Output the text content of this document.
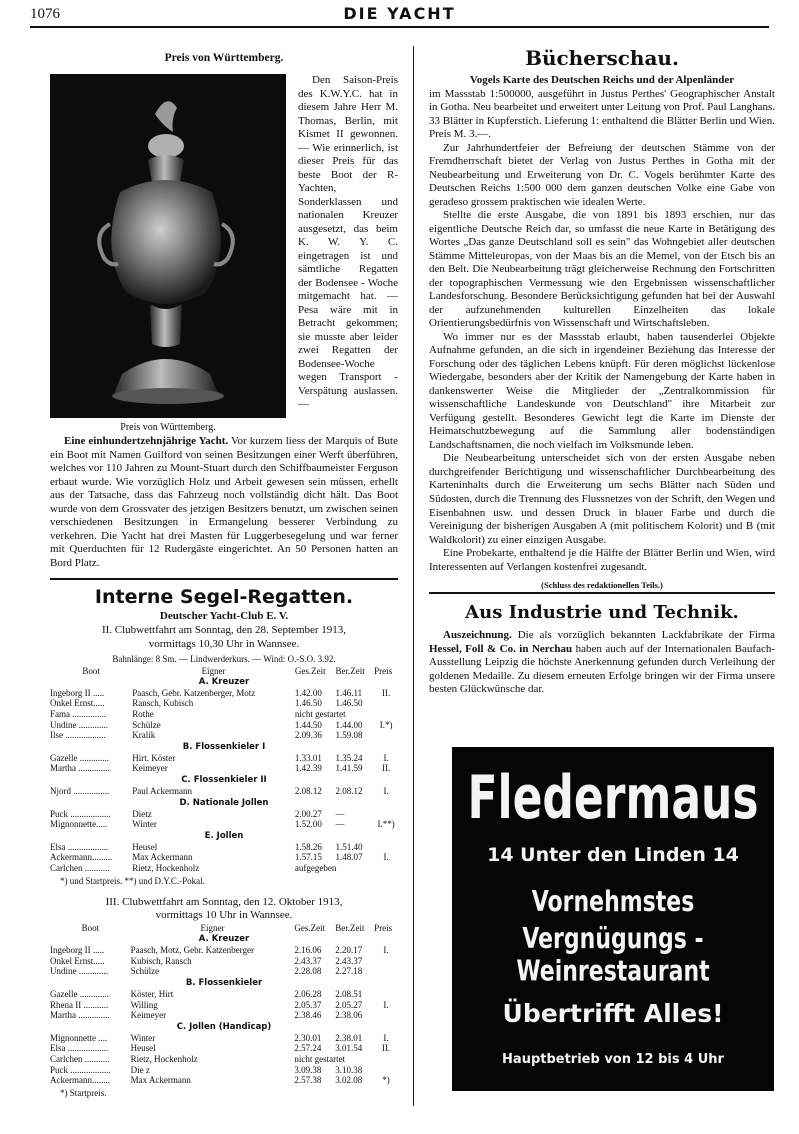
1076	DIE YACHT
Preis von Württemberg.

Den Saison-Preis des K.W.Y.C. hat in diesem Jahre Herr M. Thomas, Berlin, mit Kismet II gewonnen. — Wie erinnerlich, ist dieser Preis für das beste Boot der R-Yachten, Sonderklassen und nationalen Kreuzer ausgesetzt, das beim K. W. Y. C. eingetragen ist und sämtliche Regatten der Bodensee - Woche mitgemacht hat. — Pesa wäre mit in Betracht gekommen; sie musste aber leider zwei Regatten der Bodensee-Woche wegen Transport - Verspätung auslassen. —

Preis von Württemberg.

Eine einhundertzehnjährige Yacht. Vor kurzem liess der Marquis of Bute ein Boot mit Namen Guilford von seinen Besitzungen einer Werft überführen, welches vor 110 Jahren zu Mount-Stuart durch den Schiffbaumeister Ferguson erbaut wurde. Wie vorzüglich Holz und Arbeit gewesen sein müssen, erhellt aus der Tatsache, dass das Fahrzeug noch vollständig dicht hält. Das Boot wurde von dem Grossvater des jetzigen Besitzers benutzt, um zwischen seinen verschiedenen Besitzungen in Ermangelung besserer Verbindung zu verkehren. Die Yacht hat drei Masten für Luggerbesegelung und war ferner mit Querduchten für 12 Rudergäste eingerichtet. An 50 Personen hatten an Bord Platz.

Interne Segel-Regatten.
Deutscher Yacht-Club E. V.
II. Clubwettfahrt am Sonntag, den 28. September 1913,
vormittags 10,30 Uhr in Wannsee.
Bahnlänge: 8 Sm. — Lindwerderkurs. — Wind: O.-S.O. 3.92.
Boot	Eigner	Ges.Zeit	Ber.Zeit	Preis
A. Kreuzer				
Ingeborg II .....	Paasch, Gebr. Katzenberger, Motz	1.42.00	1.46.11	II.
Onkel Ernst.....	Ransch, Kubisch	1.46.50	1.46.50	
Fama ...............	Rothe	nicht gestartet		
Undine .............	Schülze	1.44.50	1.44.00	I.*)
Ilse ..................	Kralik	2.09.36	1.59.08	
B. Flossenkieler I				
Gazelle .............	Hirt. Köster	1.33.01	1.35.24	I.
Martha ..............	Keimeyer	1.42.39	1.41.59	II.
C. Flossenkieler II				
Njord ................	Paul Ackermann	2.08.12	2.08.12	I.
D. Nationale Jollen				
Puck ..................	Dietz	2.00.27	—	
Mignonnette.....	Winter	1.52.00	—	I.**)
E. Jollen				
Elsa ..................	Heusel	1.58.26	1.51.40	
Ackermann.........	Max Ackermann	1.57.15	1.48.07	I.
Carlchen ...........	Rietz, Hockenholz	aufgegeben		
*) und Startpreis. **) und D.Y.C.-Pokal.
III. Clubwettfahrt am Sonntag, den 12. Oktober 1913,
vormittags 10 Uhr in Wannsee.
Boot	Eigner	Ges.Zeit	Ber.Zeit	Preis
A. Kreuzer				
Ingeborg II .....	Paasch, Motz, Gebr. Katzenberger	2.16.06	2.20.17	I.
Onkel Ernst.....	Kubisch, Ransch	2.43.37	2.43.37	
Undine .............	Schülze	2.28.08	2.27.18	
B. Flossenkieler				
Gazelle .............	Köster, Hirt	2.06.28	2.08.51	
Rhena II ...........	Willing	2.05.37	2.05.27	I.
Martha ..............	Keimeyer	2.38.46	2.38.06	
C. Jollen (Handicap)				
Mignonnette ....	Winter	2.30.01	2.38.01	I.
Elsa ..................	Heusel	2.57.24	3.01.54	II.
Carlchen ...........	Rietz, Hockenholz	nicht gestartet		
Puck ..................	Die z	3.09.38	3.10.38	
Ackermann........	Max Ackermann	2.57.38	3.02.08	*)
*) Startpreis.
Bücherschau.

Vogels Karte des Deutschen Reichs und der Alpenländer

im Massstab 1:500000, ausgeführt in Justus Perthes' Geographischer Anstalt in Gotha. Neu bearbeitet und erweitert unter Leitung von Prof. Paul Langhans. 33 Blätter in Kupferstich. Lieferung 1: enthaltend die Blätter Berlin und Wien. Preis M. 3.—.

Zur Jahrhundertfeier der Befreiung der deutschen Stämme von der Fremdherrschaft bietet der Verlag von Justus Perthes in Gotha mit der Neubearbeitung und Erweiterung von Dr. C. Vogels berühmter Karte des Deutschen Reichs 1:500 000 dem ganzen deutschen Volke eine Gabe von geradeso grossem praktischen wie idealen Werte.

Stellte die erste Ausgabe, die von 1891 bis 1893 erschien, nur das eigentliche Deutsche Reich dar, so umfasst die neue Karte in Betätigung des Wortes „Das ganze Deutschland soll es sein" das Wohngebiet aller deutschen Stämme Mitteleuropas, von der Maas bis an die Memel, von der Etsch bis an den Belt. Die Neubearbeitung trägt gleicherweise Rechnung den Fortschritten der topographischen Vermessung wie den Ergebnissen wissenschaftlicher Landesforschung. Besondere Berücksichtigung gefunden hat bei der Auswahl der aufzunehmenden kulturellen Einzelheiten das lokale Orientierungsbedürfnis von Wissenschaft und Wirtschaftsleben.

Wo immer nur es der Massstab erlaubt, haben tausenderlei Objekte Aufnahme gefunden, an die sich in irgendeiner Beziehung das Interesse der Forschung oder des täglichen Lebens knüpft. Für deren möglichst lückenlose Wiedergabe, besonders aber der Kritik der Namengebung der Karte haben in dankenswerter Weise die Mitglieder der „Zentralkommission für wissenschaftliche Landeskunde von Deutschland" ihre Mitarbeit zur Verfügung gestellt. Besonderes Gewicht legt die Karte im Dienste der Heimatschutzbewegung auf die Sammlung aller bodenständigen Landschaftsnamen, die noch vielfach im Volksmunde leben.

Die Neubearbeitung unterscheidet sich von der ersten Ausgabe neben durchgreifender Berichtigung und wissenschaftlicher Durchbearbeitung des Karteninhalts durch die Erweiterung um sechs Blätter nach Süden und Südosten, durch die Trennung des Flussnetzes von der Schrift, den Wegen und Eisenbahnen usw. und dessen Druck in blauer Farbe und durch die Vereinigung der bisherigen Ausgaben A (mit politischem Kolorit) und B (mit Waldkolorit) zu einer einzigen Ausgabe.

Eine Probekarte, enthaltend je die Hälfte der Blätter Berlin und Wien, wird Interessenten auf Verlangen kostenfrei zugesandt.

(Schluss des redaktionellen Teils.)
Aus Industrie und Technik.

Auszeichnung. Die als vorzüglich bekannten Lackfabrikate der Firma Hessel, Foll & Co. in Nerchau haben auch auf der Internationalen Baufach-Ausstellung Leipzig die höchste Anerkennung gefunden durch Verleihung der goldenen Medaille. Zu diesem erneuten Erfolge bringen wir der Firma unsere besten Glückwünsche dar.

Fledermaus
14 Unter den Linden 14
Vornehmstes
Vergnügungs - Weinrestaurant
Übertrifft Alles!
Hauptbetrieb von 12 bis 4 Uhr
